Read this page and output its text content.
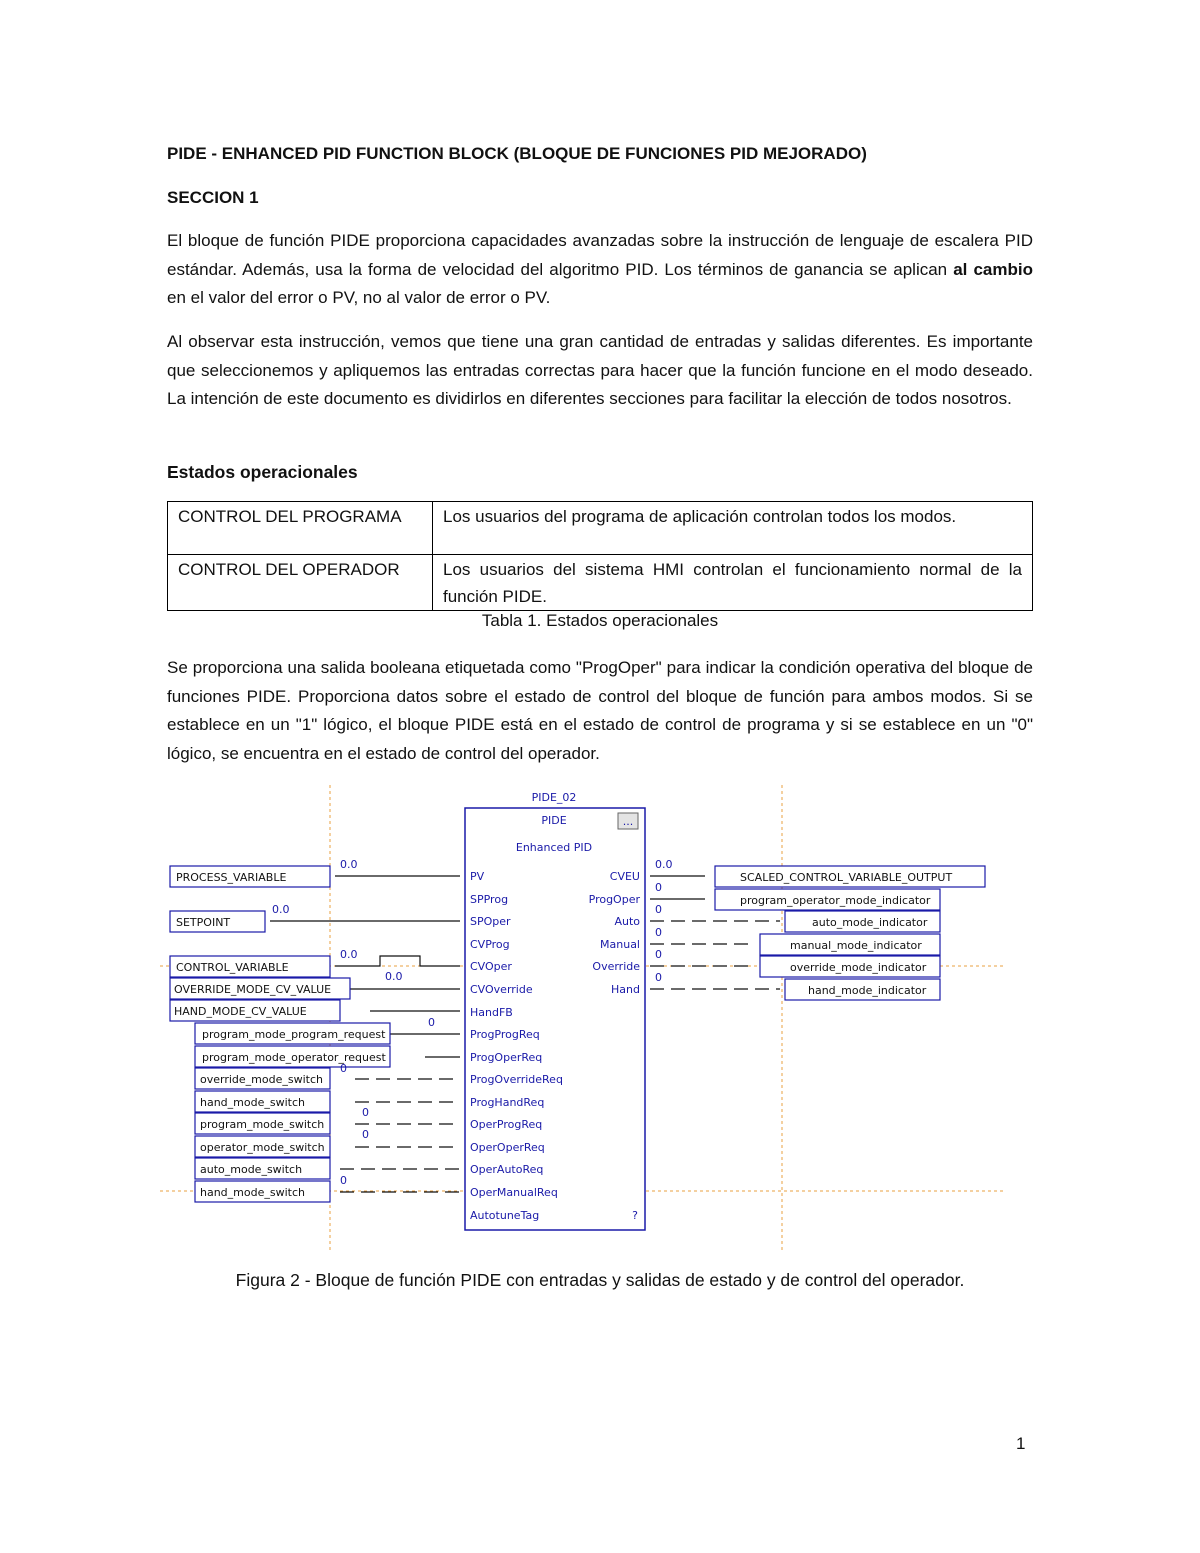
PIDE - ENHANCED PID FUNCTION BLOCK (BLOQUE DE FUNCIONES PID MEJORADO)
SECCION 1
El bloque de función PIDE proporciona capacidades avanzadas sobre la instrucción de lenguaje de escalera PID estándar. Además, usa la forma de velocidad del algoritmo PID. Los términos de ganancia se aplican al cambio en el valor del error o PV, no al valor de error o PV.
Al observar esta instrucción, vemos que tiene una gran cantidad de entradas y salidas diferentes. Es importante que seleccionemos y apliquemos las entradas correctas para hacer que la función funcione en el modo deseado. La intención de este documento es dividirlos en diferentes secciones para facilitar la elección de todos nosotros.
Estados operacionales
CONTROL DEL PROGRAMA	Los usuarios del programa de aplicación controlan todos los modos.
CONTROL DEL OPERADOR	Los usuarios del sistema HMI controlan el funcionamiento normal de la función PIDE.
Tabla 1. Estados operacionales
Se proporciona una salida booleana etiquetada como "ProgOper" para indicar la condición operativa del bloque de funciones PIDE. Proporciona datos sobre el estado de control del bloque de función para ambos modos. Si se establece en un "1" lógico, el bloque PIDE está en el estado de control de programa y si se establece en un "0" lógico, se encuentra en el estado de control del operador.
...
PIDE_02
PIDE
Enhanced PID
PV
SPProg
SPOper
CVProg
CVOper
CVOverride
HandFB
ProgProgReq
ProgOperReq
ProgOverrideReq
ProgHandReq
OperProgReq
OperOperReq
OperAutoReq
OperManualReq
AutotuneTag	?
CVEU
ProgOper
Auto
Manual
Override
Hand
PROCESS_VARIABLE
SETPOINT
CONTROL_VARIABLE
OVERRIDE_MODE_CV_VALUE
HAND_MODE_CV_VALUE
program_mode_program_request
program_mode_operator_request
override_mode_switch
hand_mode_switch
program_mode_switch
operator_mode_switch
auto_mode_switch
hand_mode_switch
0.0
0.0
0.0
0.0
0
0
0
0
0
SCALED_CONTROL_VARIABLE_OUTPUT
program_operator_mode_indicator
auto_mode_indicator
manual_mode_indicator
override_mode_indicator
hand_mode_indicator
0.0
0
0
0
0
0
Figura 2 - Bloque de función PIDE con entradas y salidas de estado y de control del operador.
1
